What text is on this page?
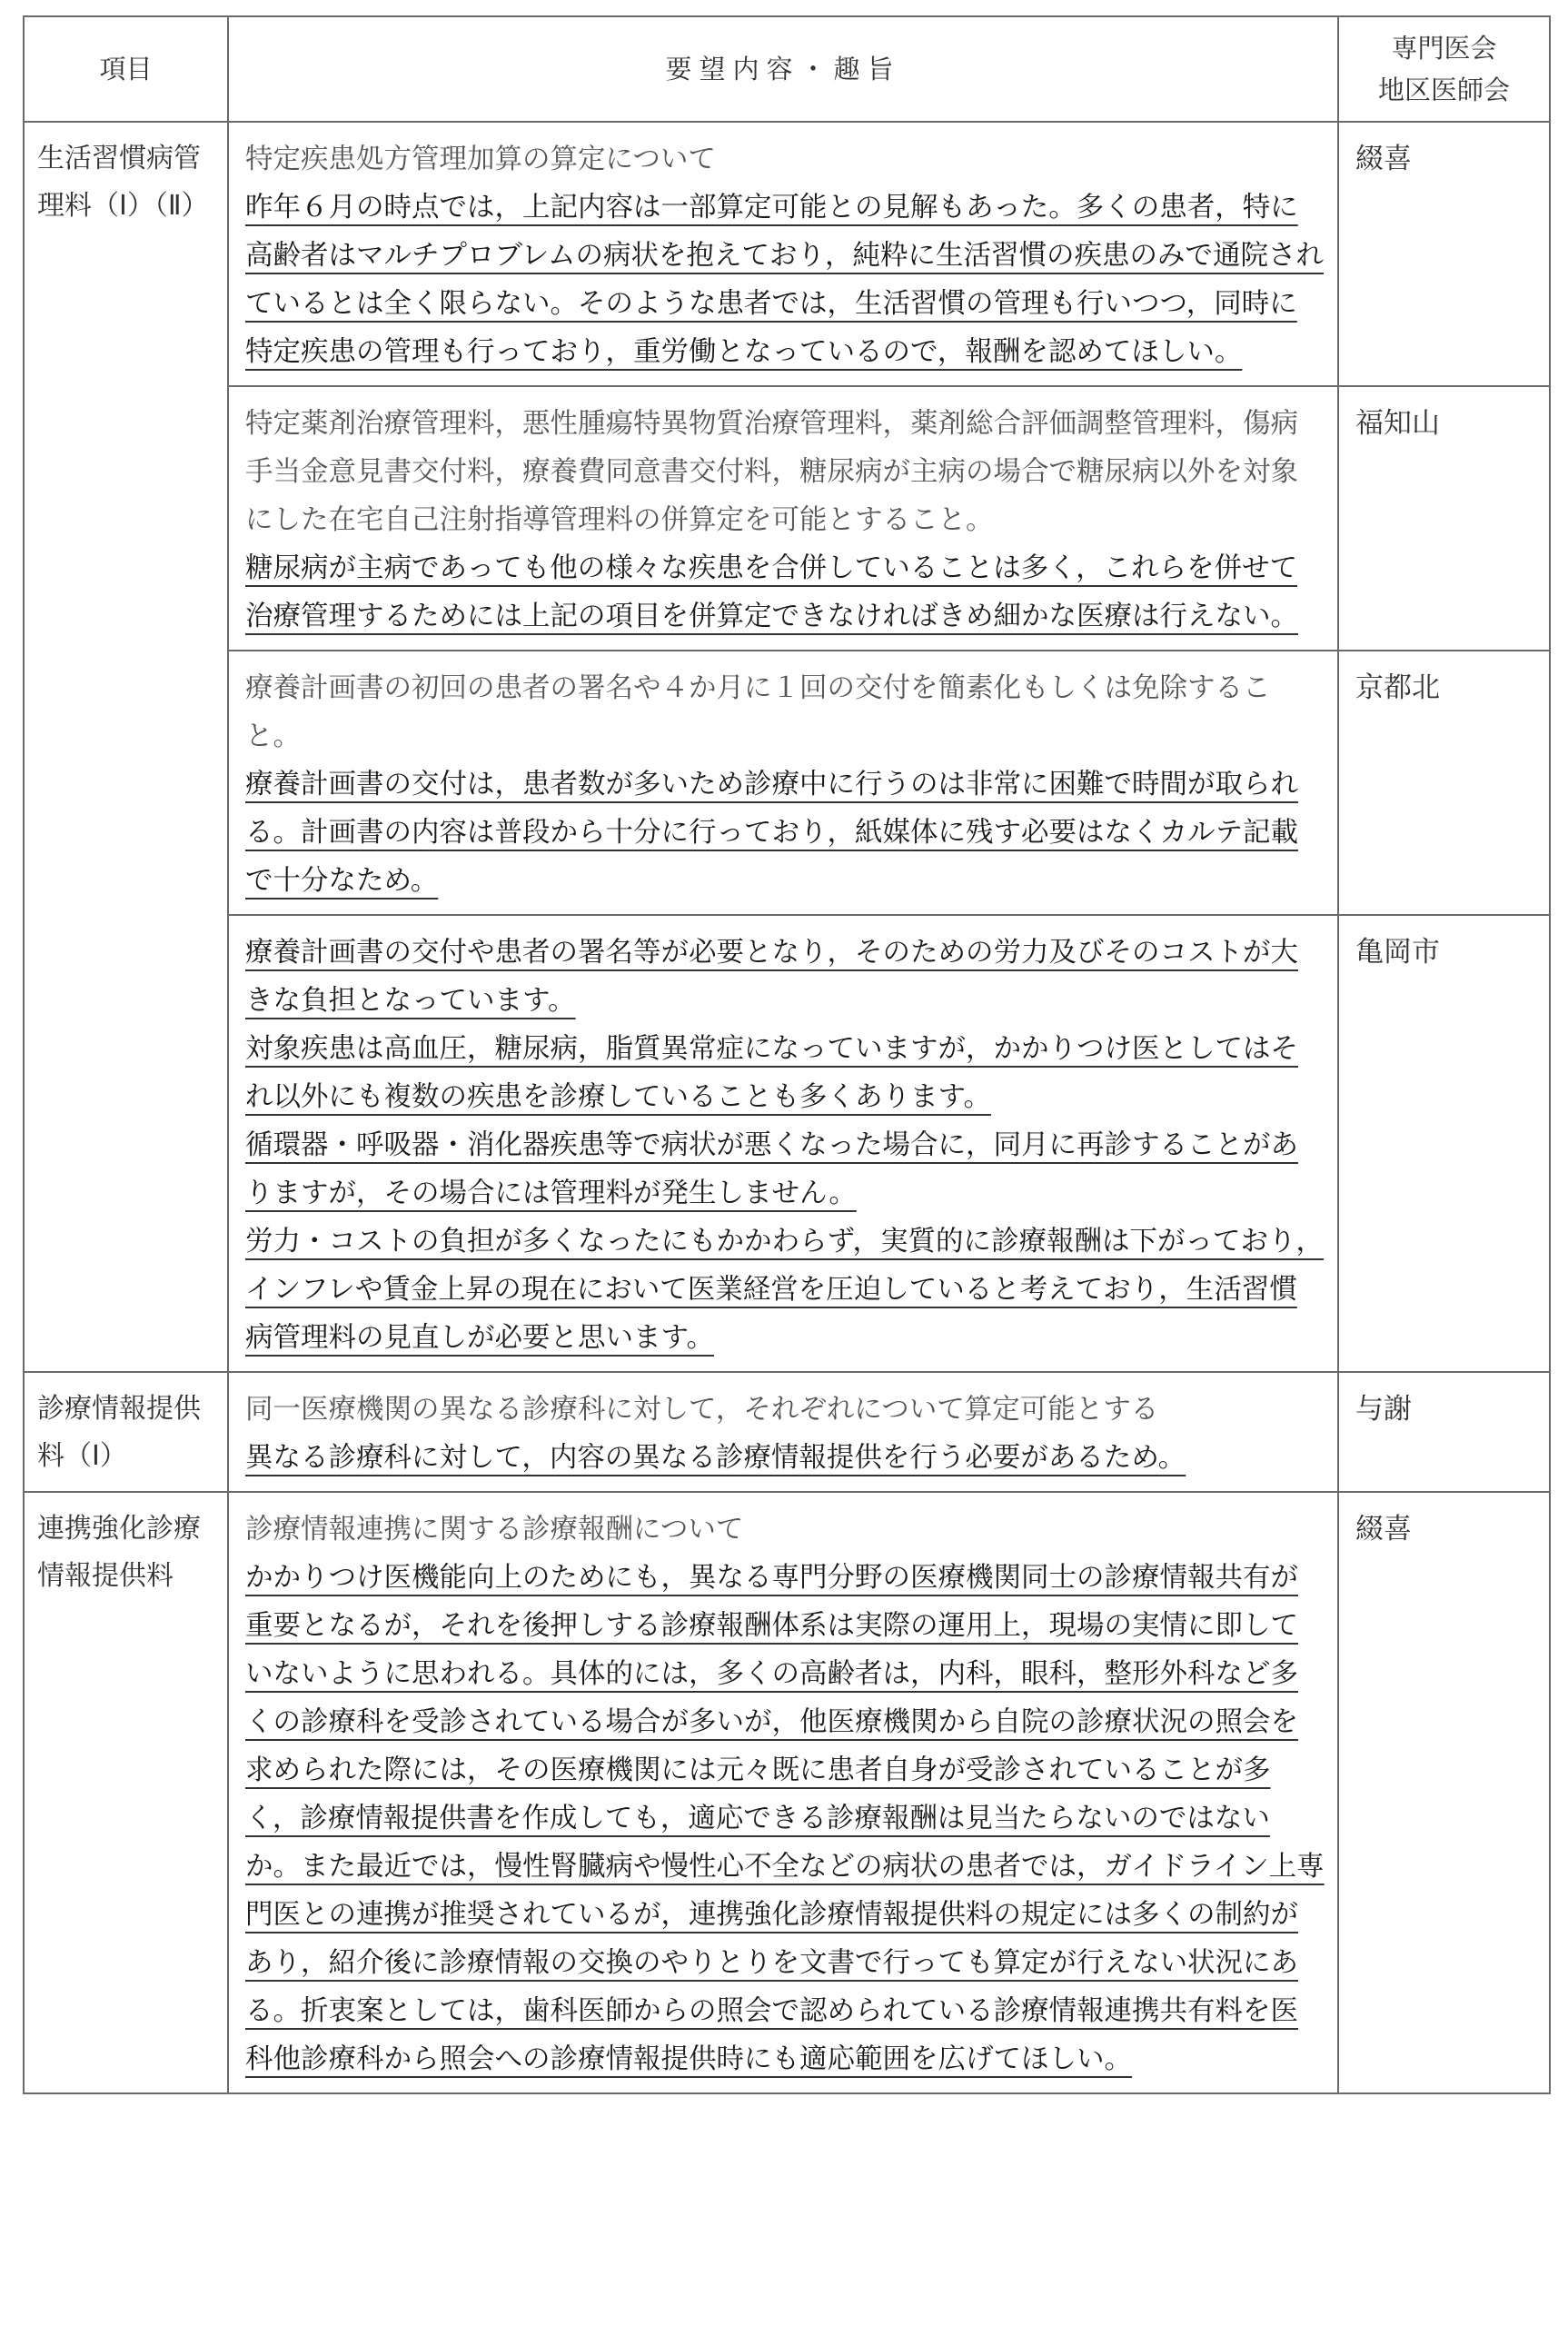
項目	要望内容・趣旨	専門医会
地区医師会

生活習慣病管理料（Ⅰ）（Ⅱ）	特定疾患処方管理加算の算定について

昨年６月の時点では，上記内容は一部算定可能との見解もあった。多くの患者，特に高齢者はマルチプロブレムの病状を抱えており，純粋に生活習慣の疾患のみで通院されているとは全く限らない。そのような患者では，生活習慣の管理も行いつつ，同時に特定疾患の管理も行っており，重労働となっているので，報酬を認めてほしい。	綴喜

	特定薬剤治療管理料，悪性腫瘍特異物質治療管理料，薬剤総合評価調整管理料，傷病手当金意見書交付料，療養費同意書交付料，糖尿病が主病の場合で糖尿病以外を対象にした在宅自己注射指導管理料の併算定を可能とすること。

糖尿病が主病であっても他の様々な疾患を合併していることは多く，これらを併せて治療管理するためには上記の項目を併算定できなければきめ細かな医療は行えない。	福知山

	療養計画書の初回の患者の署名や４か月に１回の交付を簡素化もしくは免除すること。

療養計画書の交付は，患者数が多いため診療中に行うのは非常に困難で時間が取られる。計画書の内容は普段から十分に行っており，紙媒体に残す必要はなくカルテ記載で十分なため。	京都北

	療養計画書の交付や患者の署名等が必要となり，そのための労力及びそのコストが大きな負担となっています。

対象疾患は高血圧，糖尿病，脂質異常症になっていますが，かかりつけ医としてはそれ以外にも複数の疾患を診療していることも多くあります。

循環器・呼吸器・消化器疾患等で病状が悪くなった場合に，同月に再診することがありますが，その場合には管理料が発生しません。

労力・コストの負担が多くなったにもかかわらず，実質的に診療報酬は下がっており，インフレや賃金上昇の現在において医業経営を圧迫していると考えており，生活習慣病管理料の見直しが必要と思います。	亀岡市
診療情報提供料（Ⅰ）	同一医療機関の異なる診療科に対して，それぞれについて算定可能とする

異なる診療科に対して，内容の異なる診療情報提供を行う必要があるため。	与謝
連携強化診療情報提供料	診療情報連携に関する診療報酬について

かかりつけ医機能向上のためにも，異なる専門分野の医療機関同士の診療情報共有が重要となるが，それを後押しする診療報酬体系は実際の運用上，現場の実情に即していないように思われる。具体的には，多くの高齢者は，内科，眼科，整形外科など多くの診療科を受診されている場合が多いが，他医療機関から自院の診療状況の照会を求められた際には，その医療機関には元々既に患者自身が受診されていることが多く，診療情報提供書を作成しても，適応できる診療報酬は見当たらないのではないか。また最近では，慢性腎臓病や慢性心不全などの病状の患者では，ガイドライン上専門医との連携が推奨されているが，連携強化診療情報提供料の規定には多くの制約があり，紹介後に診療情報の交換のやりとりを文書で行っても算定が行えない状況にある。折衷案としては，歯科医師からの照会で認められている診療情報連携共有料を医科他診療科から照会への診療情報提供時にも適応範囲を広げてほしい。	綴喜
